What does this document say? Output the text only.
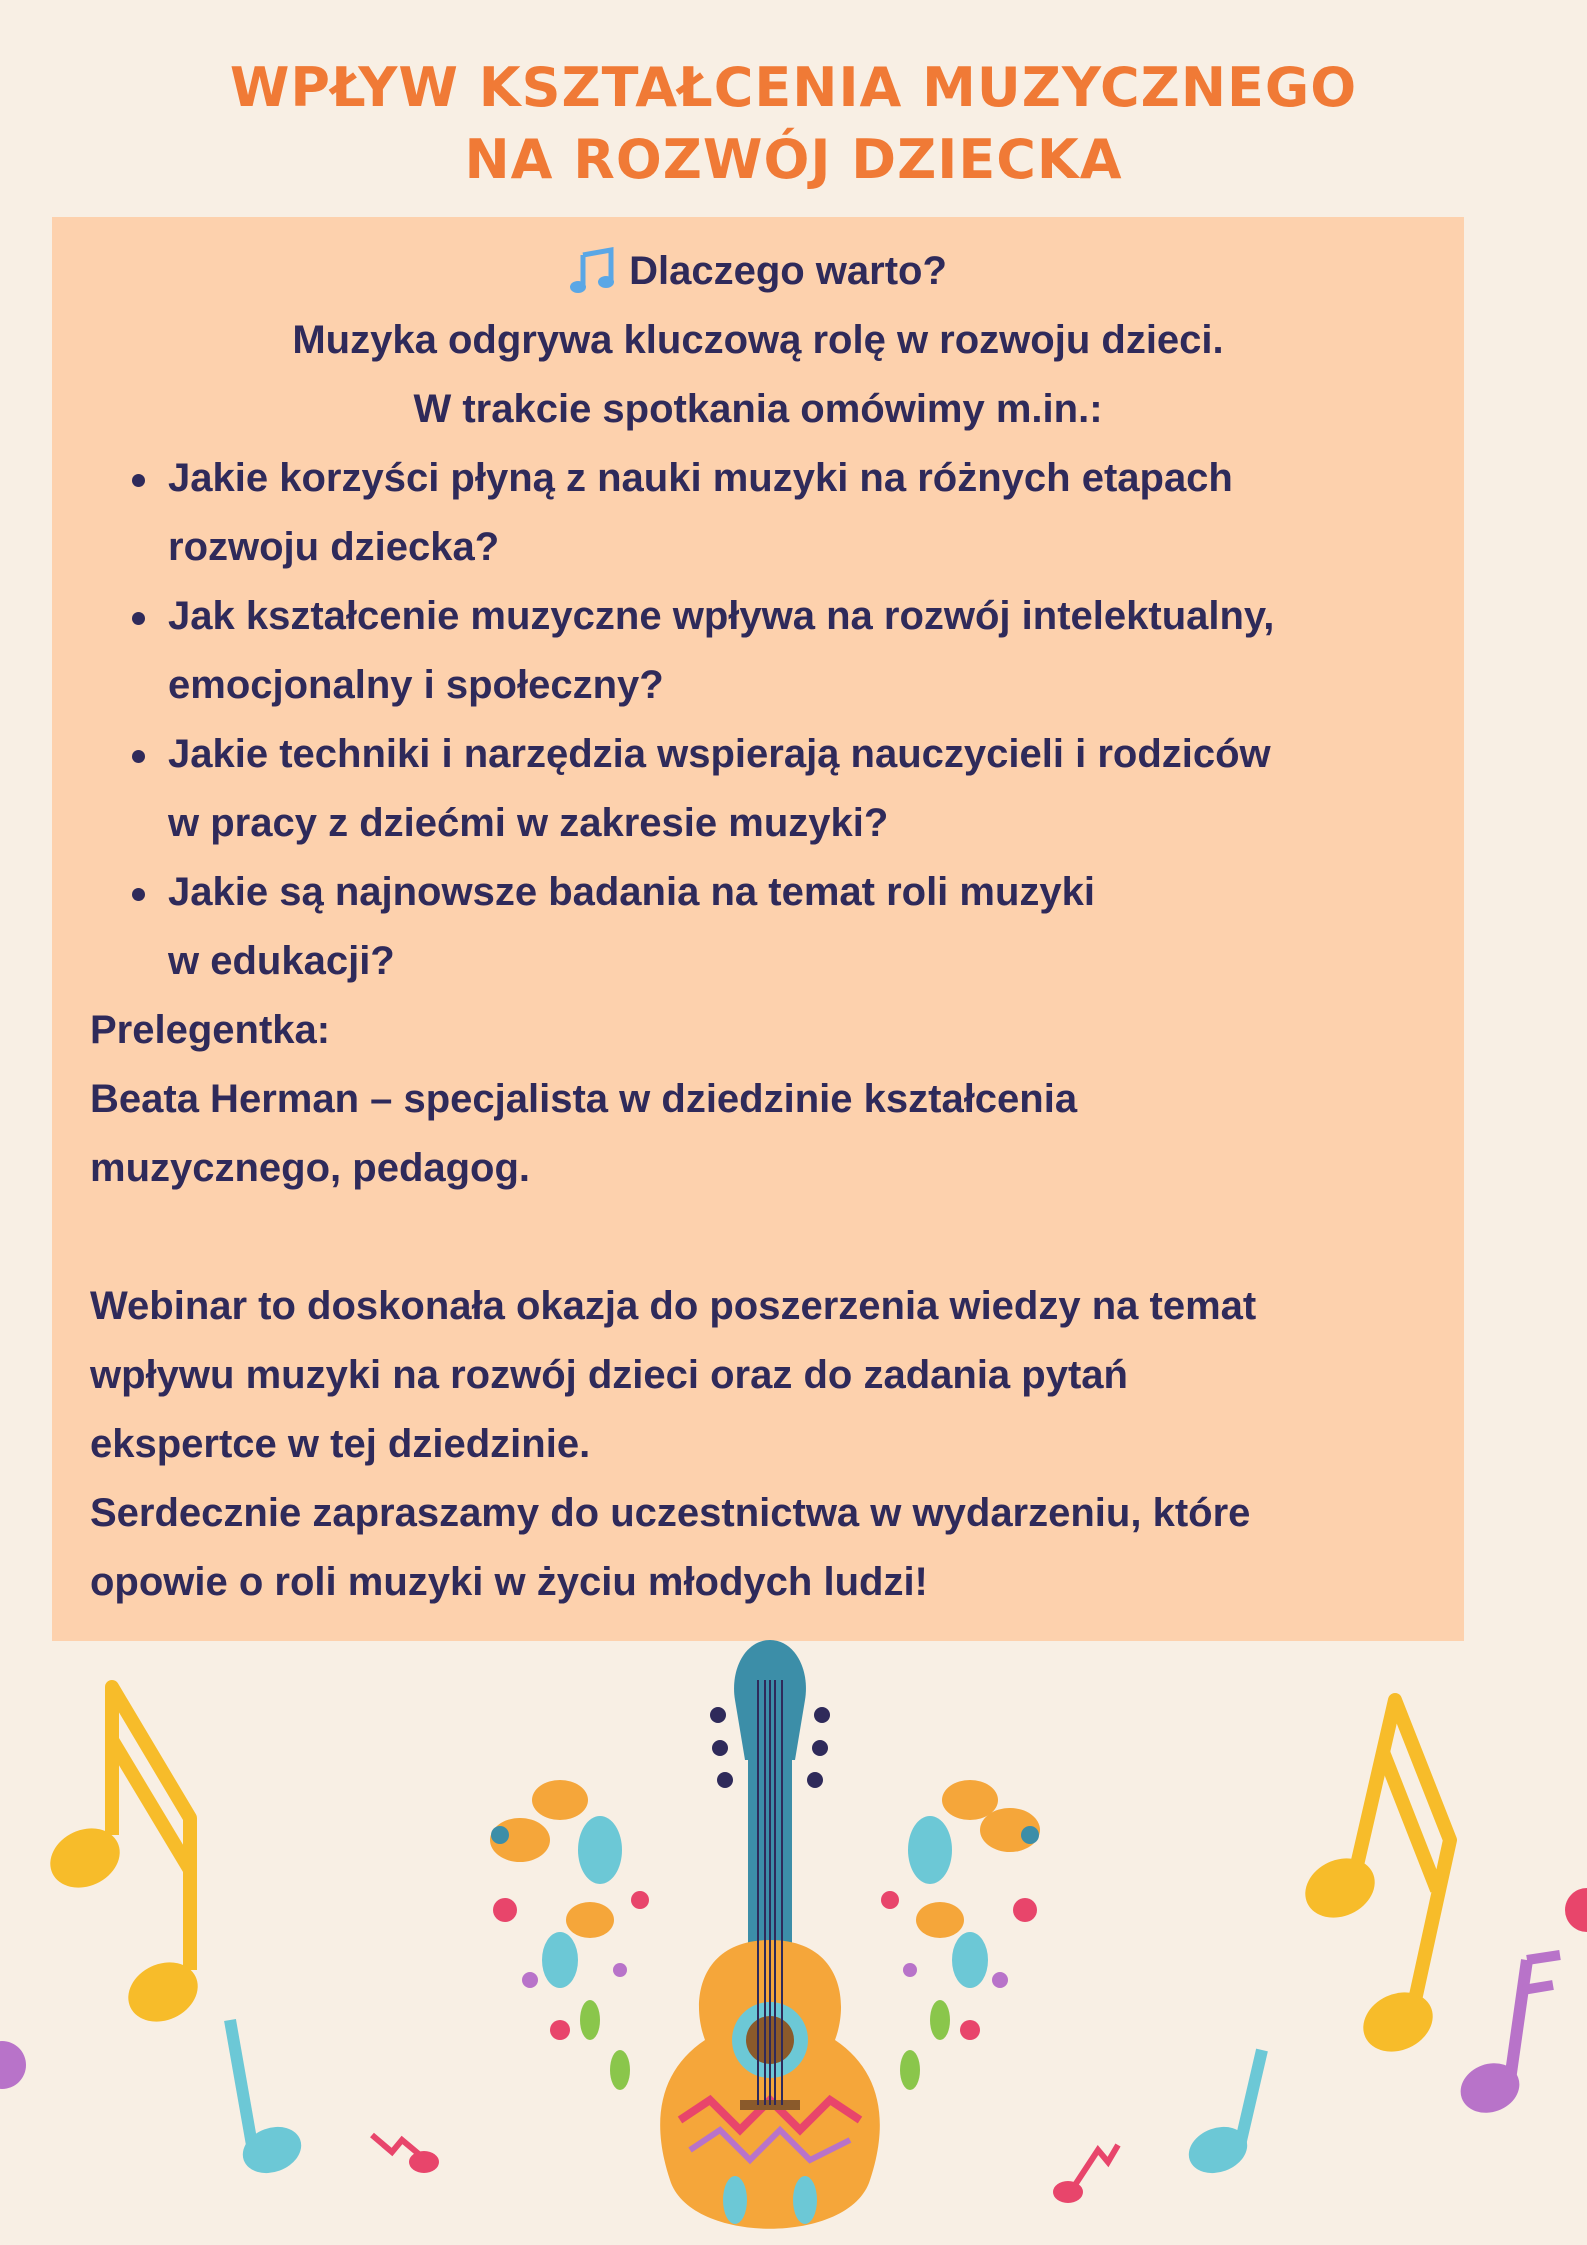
WPŁYW KSZTAŁCENIA MUZYCZNEGO
NA ROZWÓJ DZIECKA
Dlaczego warto?
Muzyka odgrywa kluczową rolę w rozwoju dzieci.
W trakcie spotkania omówimy m.in.:
Jakie korzyści płyną z nauki muzyki na różnych etapach
rozwoju dziecka?
Jak kształcenie muzyczne wpływa na rozwój intelektualny,
emocjonalny i społeczny?
Jakie techniki i narzędzia wspierają nauczycieli i rodziców
w pracy z dziećmi w zakresie muzyki?
Jakie są najnowsze badania na temat roli muzyki
w edukacji?
Prelegentka:
Beata Herman – specjalista w dziedzinie kształcenia
muzycznego, pedagog.
Webinar to doskonała okazja do poszerzenia wiedzy na temat
wpływu muzyki na rozwój dzieci oraz do zadania pytań
ekspertce w tej dziedzinie.
Serdecznie zapraszamy do uczestnictwa w wydarzeniu, które
opowie o roli muzyki w życiu młodych ludzi!
